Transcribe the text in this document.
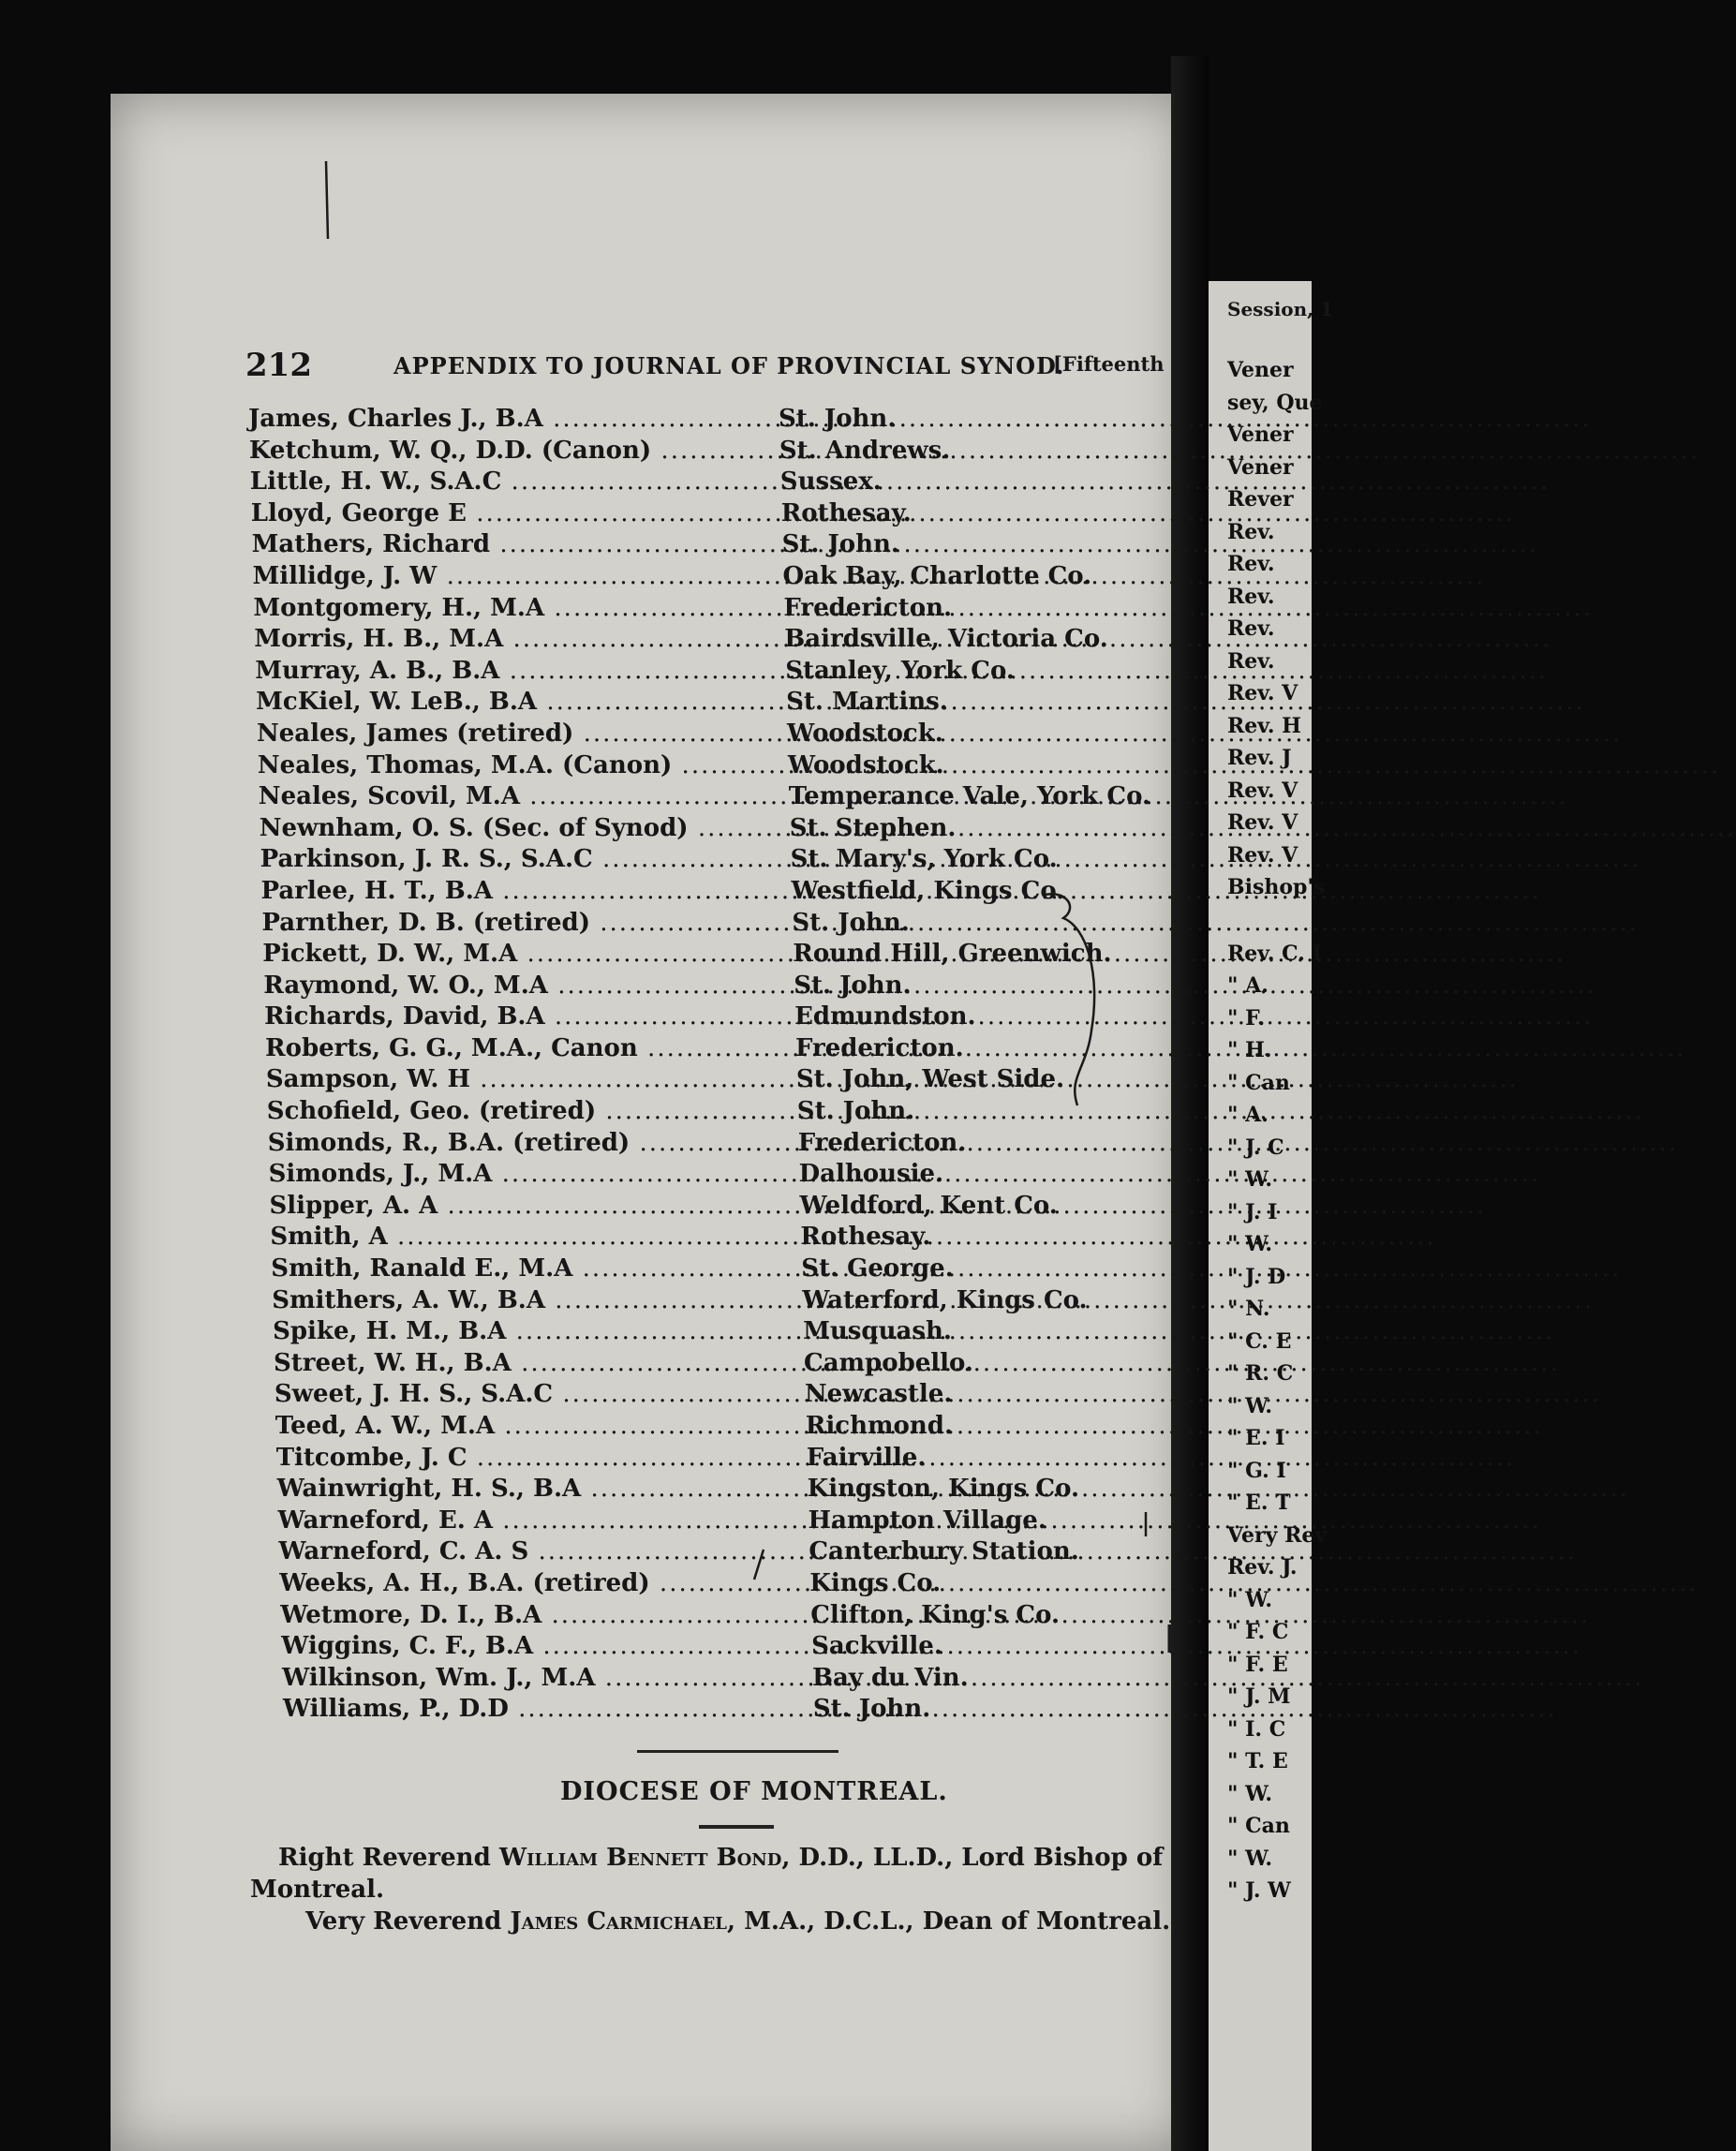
Session, 1
Vener
sey, Que
Vener
Vener
Rever
Rev.
Rev.
Rev.
Rev.
Rev.
Rev. V
Rev. H
Rev. J
Rev. V
Rev. V
Rev. V
Bishop's
Rev. C. I
" A.
" F.
" H.
" Can
" A.
" J. C
" W.
" J. I
" W.
" J. D
" N.
" C. E
" R. C
" W.
" E. I
" G. I
" E. T
Very Rev
Rev. J.
" W.
" F. C
" F. E
" J. M
" I. C
" T. E
" W.
" Can
" W.
" J. W
212	APPENDIX TO JOURNAL OF PROVINCIAL SYNOD.
[Fifteenth
James, Charles J., B.A .....	St. John.
Ketchum, W. Q., D.D. (Canon) .....	St. Andrews.
Little, H. W., S.A.C .....	Sussex.
Lloyd, George E .....	Rothesay.
Mathers, Richard .....	St. John.
Millidge, J. W .....	Oak Bay, Charlotte Co.
Montgomery, H., M.A .....	Fredericton.
Morris, H. B., M.A .....	Bairdsville, Victoria Co.
Murray, A. B., B.A .....	Stanley, York Co.
McKiel, W. LeB., B.A .....	St. Martins.
Neales, James (retired) .....	Woodstock.
Neales, Thomas, M.A. (Canon) .....	Woodstock.
Neales, Scovil, M.A .....	Temperance Vale, York Co.
Newnham, O. S. (Sec. of Synod) .....	St. Stephen.
Parkinson, J. R. S., S.A.C .....	St. Mary's, York Co.
Parlee, H. T., B.A .....	Westfield, Kings Co.
Parnther, D. B. (retired) .....	St. John.
Pickett, D. W., M.A .....	Round Hill, Greenwich.
Raymond, W. O., M.A .....	St. John.
Richards, David, B.A .....	Edmundston.
Roberts, G. G., M.A., Canon .....	Fredericton.
Sampson, W. H .....	St. John, West Side.
Schofield, Geo. (retired) .....	St. John.
Simonds, R., B.A. (retired) .....	Fredericton.
Simonds, J., M.A .....	Dalhousie.
Slipper, A. A .....	Weldford, Kent Co.
Smith, A .....	Rothesay.
Smith, Ranald E., M.A .....	St. George.
Smithers, A. W., B.A .....	Waterford, Kings Co.
Spike, H. M., B.A .....	Musquash.
Street, W. H., B.A .....	Campobello.
Sweet, J. H. S., S.A.C .....	Newcastle.
Teed, A. W., M.A .....	Richmond.
Titcombe, J. C .....	Fairville.
Wainwright, H. S., B.A .....	Kingston, Kings Co.
Warneford, E. A .....	Hampton Village.
Warneford, C. A. S .....	Canterbury Station.
Weeks, A. H., B.A. (retired) .....	Kings Co.
Wetmore, D. I., B.A .....	Clifton, King's Co.
Wiggins, C. F., B.A .....	Sackville.
Wilkinson, Wm. J., M.A .....	Bay du Vin.
Williams, P., D.D .....	St. John.
DIOCESE OF MONTREAL.
Right Reverend William Bennett Bond, D.D., LL.D., Lord Bishop of
Montreal.
Very Reverend James Carmichael, M.A., D.C.L., Dean of Montreal.
